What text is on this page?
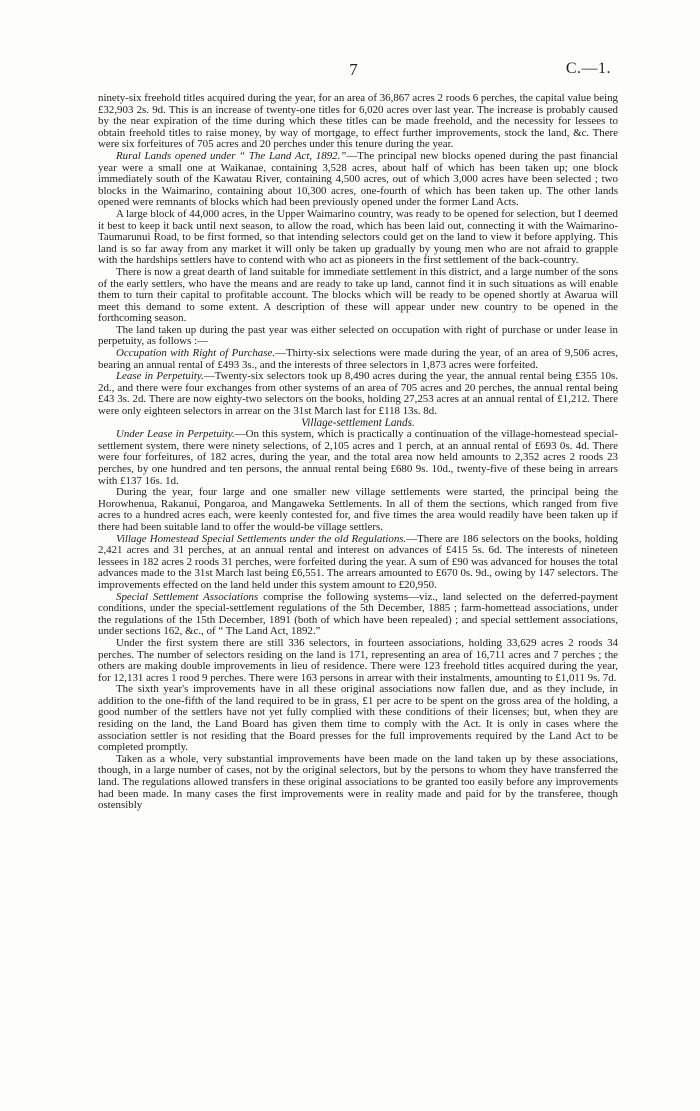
7	C.—1.

ninety-six freehold titles acquired during the year, for an area of 36,867 acres 2 roods 6 perches, the capital value being £32,903 2s. 9d. This is an increase of twenty-one titles for 6,020 acres over last year. The increase is probably caused by the near expiration of the time during which these titles can be made freehold, and the necessity for lessees to obtain freehold titles to raise money, by way of mortgage, to effect further improvements, stock the land, &c. There were six forfeitures of 705 acres and 20 perches under this tenure during the year.

Rural Lands opened under “ The Land Act, 1892.”—The principal new blocks opened during the past financial year were a small one at Waikanae, containing 3,528 acres, about half of which has been taken up; one block immediately south of the Kawatau River, containing 4,500 acres, out of which 3,000 acres have been selected ; two blocks in the Waimarino, containing about 10,300 acres, one-fourth of which has been taken up. The other lands opened were remnants of blocks which had been previously opened under the former Land Acts.

A large block of 44,000 acres, in the Upper Waimarino country, was ready to be opened for selection, but I deemed it best to keep it back until next season, to allow the road, which has been laid out, connecting it with the Waimarino-Taumarunui Road, to be first formed, so that intending selectors could get on the land to view it before applying. This land is so far away from any market it will only be taken up gradually by young men who are not afraid to grapple with the hardships settlers have to contend with who act as pioneers in the first settlement of the back-country.

There is now a great dearth of land suitable for immediate settlement in this district, and a large number of the sons of the early settlers, who have the means and are ready to take up land, cannot find it in such situations as will enable them to turn their capital to profitable account. The blocks which will be ready to be opened shortly at Awarua will meet this demand to some extent. A description of these will appear under new country to be opened in the forthcoming season.

The land taken up during the past year was either selected on occupation with right of purchase or under lease in perpetuity, as follows :—

Occupation with Right of Purchase.—Thirty-six selections were made during the year, of an area of 9,506 acres, bearing an annual rental of £493 3s., and the interests of three selectors in 1,873 acres were forfeited.

Lease in Perpetuity.—Twenty-six selectors took up 8,490 acres during the year, the annual rental being £355 10s. 2d., and there were four exchanges from other systems of an area of 705 acres and 20 perches, the annual rental being £43 3s. 2d. There are now eighty-two selectors on the books, holding 27,253 acres at an annual rental of £1,212. There were only eighteen selectors in arrear on the 31st March last for £118 13s. 8d.

Village-settlement Lands.

Under Lease in Perpetuity.—On this system, which is practically a continuation of the village-homestead special-settlement system, there were ninety selections, of 2,105 acres and 1 perch, at an annual rental of £693 0s. 4d. There were four forfeitures, of 182 acres, during the year, and the total area now held amounts to 2,352 acres 2 roods 23 perches, by one hundred and ten persons, the annual rental being £680 9s. 10d., twenty-five of these being in arrears with £137 16s. 1d.

During the year, four large and one smaller new village settlements were started, the principal being the Horowhenua, Rakanui, Pongaroa, and Mangaweka Settlements. In all of them the sections, which ranged from five acres to a hundred acres each, were keenly contested for, and five times the area would readily have been taken up if there had been suitable land to offer the would-be village settlers.

Village Homestead Special Settlements under the old Regulations.—There are 186 selectors on the books, holding 2,421 acres and 31 perches, at an annual rental and interest on advances of £415 5s. 6d. The interests of nineteen lessees in 182 acres 2 roods 31 perches, were forfeited during the year. A sum of £90 was advanced for houses the total advances made to the 31st March last being £6,551. The arrears amounted to £670 0s. 9d., owing by 147 selectors. The improvements effected on the land held under this system amount to £20,950.

Special Settlement Associations comprise the following systems—viz., land selected on the deferred-payment conditions, under the special-settlement regulations of the 5th December, 1885 ; farm-homettead associations, under the regulations of the 15th December, 1891 (both of which have been repealed) ; and special settlement associations, under sections 162, &c., of “ The Land Act, 1892.”

Under the first system there are still 336 selectors, in fourteen associations, holding 33,629 acres 2 roods 34 perches. The number of selectors residing on the land is 171, representing an area of 16,711 acres and 7 perches ; the others are making double improvements in lieu of residence. There were 123 freehold titles acquired during the year, for 12,131 acres 1 rood 9 perches. There were 163 persons in arrear with their instalments, amounting to £1,011 9s. 7d.

The sixth year's improvements have in all these original associations now fallen due, and as they include, in addition to the one-fifth of the land required to be in grass, £1 per acre to be spent on the gross area of the holding, a good number of the settlers have not yet fully complied with these conditions of their licenses; but, when they are residing on the land, the Land Board has given them time to comply with the Act. It is only in cases where the association settler is not residing that the Board presses for the full improvements required by the Land Act to be completed promptly.

Taken as a whole, very substantial improvements have been made on the land taken up by these associations, though, in a large number of cases, not by the original selectors, but by the persons to whom they have transferred the land. The regulations allowed transfers in these original associations to be granted too easily before any improvements had been made. In many cases the first improvements were in reality made and paid for by the transferee, though ostensibly
